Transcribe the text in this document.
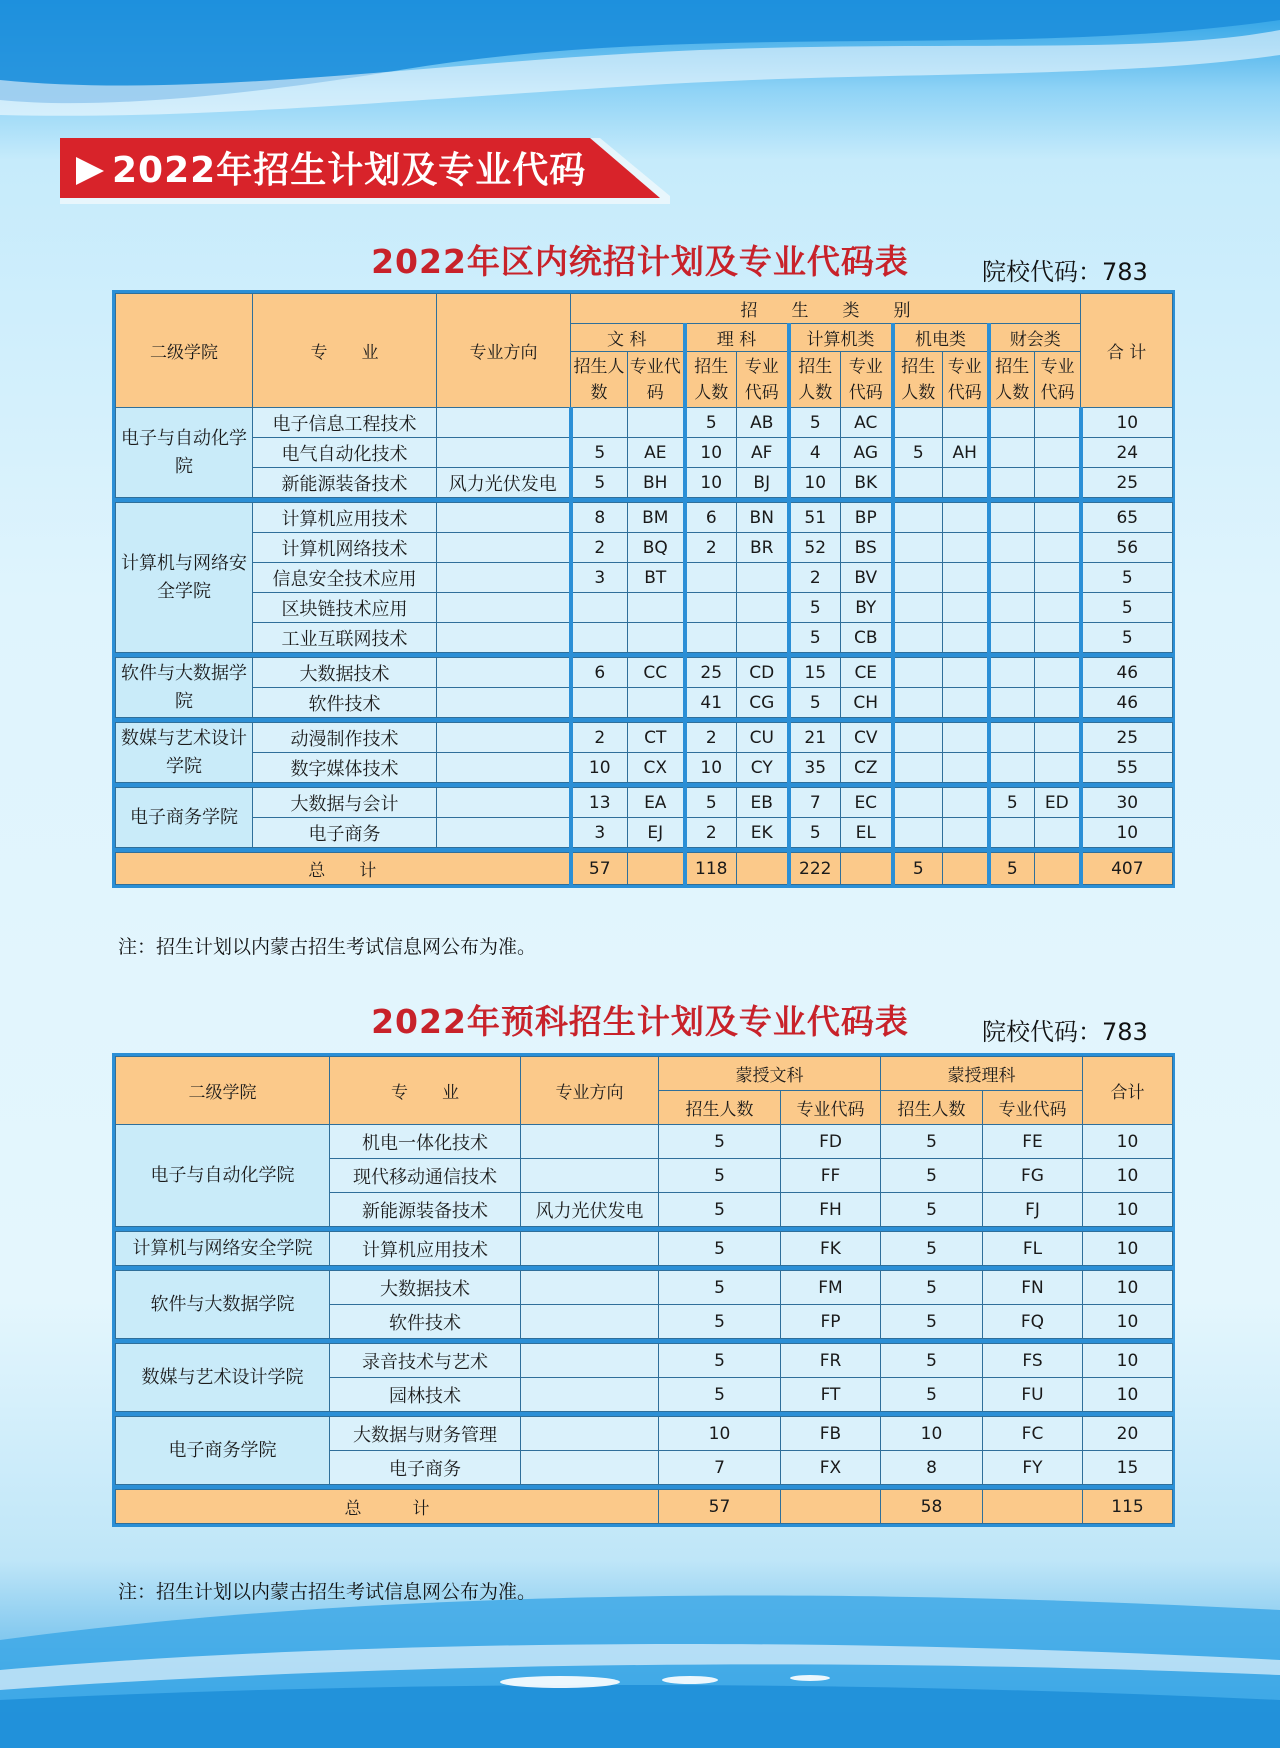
2022年招生计划及专业代码
2022年区内统招计划及专业代码表	院校代码：783
二级学院	专　　业	专业方向	招　　生　　类　　别										合 计
			文 科		理 科		计算机类		机电类		财会类		
			招生人数	专业代码	招生人数	专业代码	招生人数	专业代码	招生人数	专业代码	招生人数	专业代码	
电子与自动化学院	电子信息工程技术				5	AB	5	AC					10
	电气自动化技术		5	AE	10	AF	4	AG	5	AH			24
	新能源装备技术	风力光伏发电	5	BH	10	BJ	10	BK					25

计算机与网络安全学院	计算机应用技术		8	BM	6	BN	51	BP					65
	计算机网络技术		2	BQ	2	BR	52	BS					56
	信息安全技术应用		3	BT			2	BV					5
	区块链技术应用						5	BY					5
	工业互联网技术						5	CB					5

软件与大数据学院	大数据技术		6	CC	25	CD	15	CE					46
	软件技术				41	CG	5	CH					46

数媒与艺术设计学院	动漫制作技术		2	CT	2	CU	21	CV					25
	数字媒体技术		10	CX	10	CY	35	CZ					55

电子商务学院	大数据与会计		13	EA	5	EB	7	EC			5	ED	30
	电子商务		3	EJ	2	EK	5	EL					10

总　　计			57		118		222		5		5		407
注：招生计划以内蒙古招生考试信息网公布为准。
2022年预科招生计划及专业代码表	院校代码：783
二级学院	专　　业	专业方向	蒙授文科		蒙授理科		合计
			招生人数	专业代码	招生人数	专业代码	
电子与自动化学院	机电一体化技术		5	FD	5	FE	10
	现代移动通信技术		5	FF	5	FG	10
	新能源装备技术	风力光伏发电	5	FH	5	FJ	10

计算机与网络安全学院	计算机应用技术		5	FK	5	FL	10

软件与大数据学院	大数据技术		5	FM	5	FN	10
	软件技术		5	FP	5	FQ	10

数媒与艺术设计学院	录音技术与艺术		5	FR	5	FS	10
	园林技术		5	FT	5	FU	10

电子商务学院	大数据与财务管理		10	FB	10	FC	20
	电子商务		7	FX	8	FY	15

总　　　计			57		58		115
注：招生计划以内蒙古招生考试信息网公布为准。
